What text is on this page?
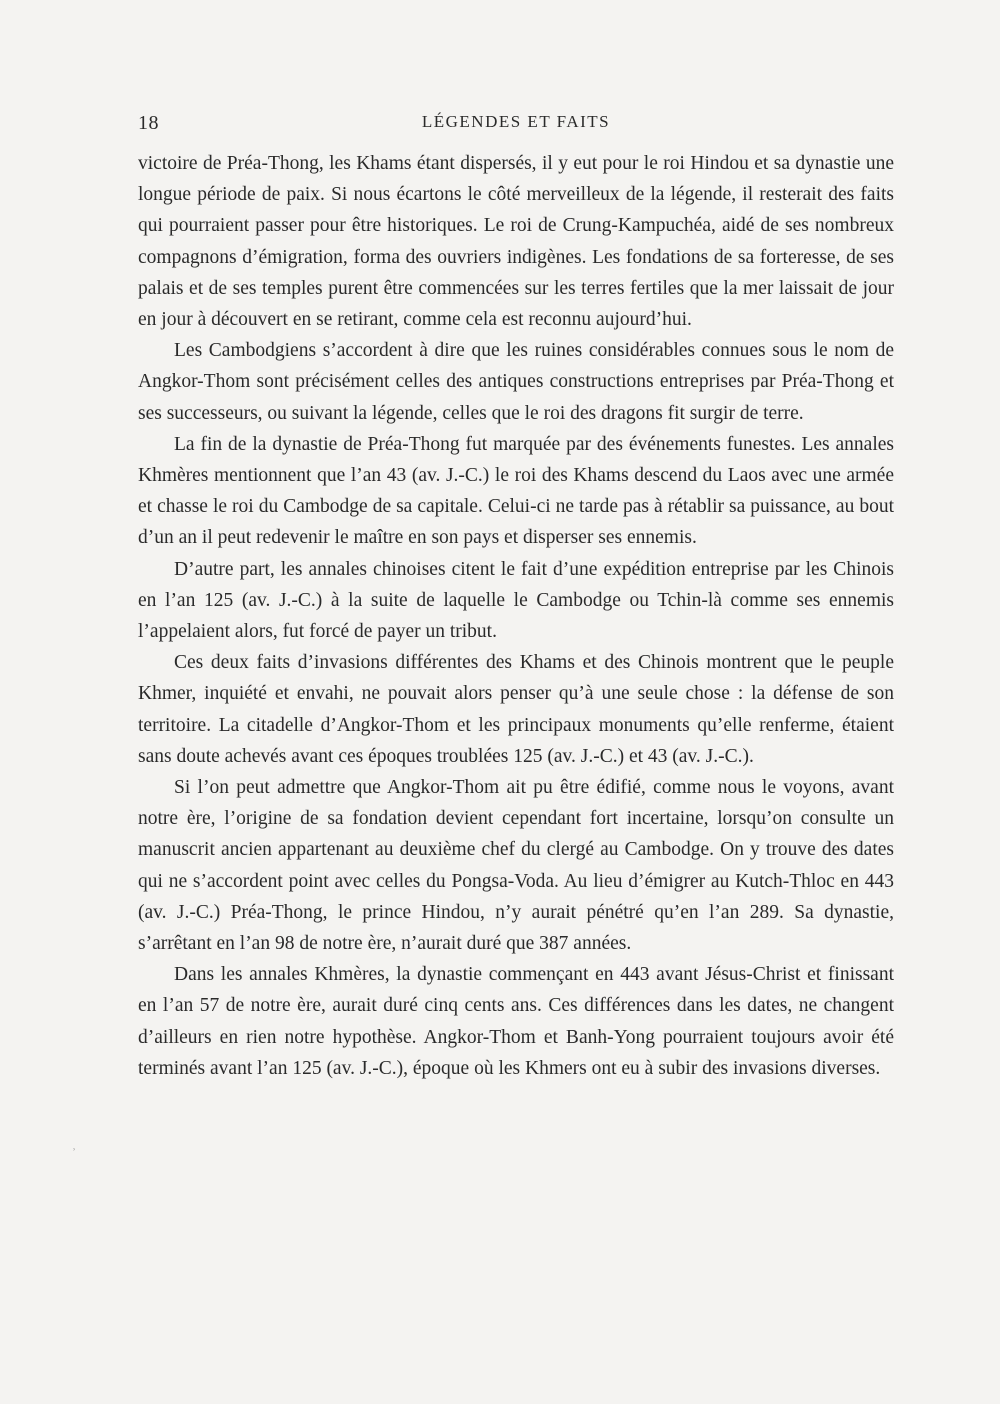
18	LÉGENDES ET FAITS

victoire de Préa-Thong, les Khams étant dispersés, il y eut pour le roi Hindou et sa dynastie une longue période de paix. Si nous écartons le côté merveilleux de la légende, il resterait des faits qui pourraient passer pour être historiques. Le roi de Crung-Kampuchéa, aidé de ses nombreux compagnons d’émigration, forma des ouvriers indigènes. Les fondations de sa forteresse, de ses palais et de ses temples purent être commencées sur les terres fertiles que la mer laissait de jour en jour à découvert en se retirant, comme cela est reconnu aujourd’hui.

Les Cambodgiens s’accordent à dire que les ruines considérables connues sous le nom de Angkor-Thom sont précisément celles des antiques constructions entreprises par Préa-Thong et ses successeurs, ou suivant la légende, celles que le roi des dragons fit surgir de terre.

La fin de la dynastie de Préa-Thong fut marquée par des événements funestes. Les annales Khmères mentionnent que l’an 43 (av. J.-C.) le roi des Khams descend du Laos avec une armée et chasse le roi du Cambodge de sa capitale. Celui-ci ne tarde pas à rétablir sa puissance, au bout d’un an il peut redevenir le maître en son pays et disperser ses ennemis.

D’autre part, les annales chinoises citent le fait d’une expédition entreprise par les Chinois en l’an 125 (av. J.-C.) à la suite de laquelle le Cambodge ou Tchin-là comme ses ennemis l’appelaient alors, fut forcé de payer un tribut.

Ces deux faits d’invasions différentes des Khams et des Chinois montrent que le peuple Khmer, inquiété et envahi, ne pouvait alors penser qu’à une seule chose : la défense de son territoire. La citadelle d’Angkor-Thom et les principaux monuments qu’elle renferme, étaient sans doute achevés avant ces époques troublées 125 (av. J.-C.) et 43 (av. J.-C.).

Si l’on peut admettre que Angkor-Thom ait pu être édifié, comme nous le voyons, avant notre ère, l’origine de sa fondation devient cependant fort incertaine, lorsqu’on consulte un manuscrit ancien appartenant au deuxième chef du clergé au Cambodge. On y trouve des dates qui ne s’accordent point avec celles du Pongsa-Voda. Au lieu d’émigrer au Kutch-Thloc en 443 (av. J.-C.) Préa-Thong, le prince Hindou, n’y aurait pénétré qu’en l’an 289. Sa dynastie, s’arrêtant en l’an 98 de notre ère, n’aurait duré que 387 années.

Dans les annales Khmères, la dynastie commençant en 443 avant Jésus-Christ et finissant en l’an 57 de notre ère, aurait duré cinq cents ans. Ces différences dans les dates, ne changent d’ailleurs en rien notre hypothèse. Angkor-Thom et Banh-Yong pourraient toujours avoir été terminés avant l’an 125 (av. J.-C.), époque où les Khmers ont eu à subir des invasions diverses.

˒
